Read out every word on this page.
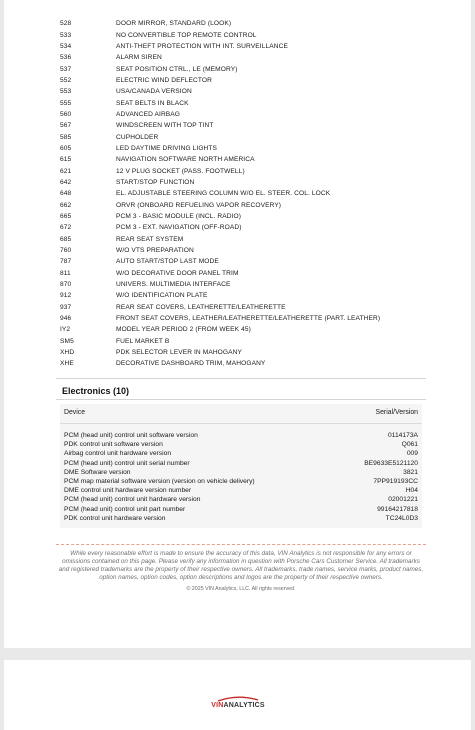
528	DOOR MIRROR, STANDARD (LOOK)
533	NO CONVERTIBLE TOP REMOTE CONTROL
534	ANTI-THEFT PROTECTION WITH INT. SURVEILLANCE
536	ALARM SIREN
537	SEAT POSITION CTRL., LE (MEMORY)
552	ELECTRIC WIND DEFLECTOR
553	USA/CANADA VERSION
555	SEAT BELTS IN BLACK
560	ADVANCED AIRBAG
567	WINDSCREEN WITH TOP TINT
585	CUPHOLDER
605	LED DAYTIME DRIVING LIGHTS
615	NAVIGATION SOFTWARE NORTH AMERICA
621	12 V PLUG SOCKET (PASS. FOOTWELL)
642	START/STOP FUNCTION
648	EL. ADJUSTABLE STEERING COLUMN W/O EL. STEER. COL. LOCK
662	ORVR (ONBOARD REFUELING VAPOR RECOVERY)
665	PCM 3 - BASIC MODULE (INCL. RADIO)
672	PCM 3 - EXT. NAVIGATION (OFF-ROAD)
685	REAR SEAT SYSTEM
760	W/O VTS PREPARATION
787	AUTO START/STOP LAST MODE
811	W/O DECORATIVE DOOR PANEL TRIM
870	UNIVERS. MULTIMEDIA INTERFACE
912	W/O IDENTIFICATION PLATE
937	REAR SEAT COVERS, LEATHERETTE/LEATHERETTE
946	FRONT SEAT COVERS, LEATHER/LEATHERETTE/LEATHERETTE (PART. LEATHER)
IY2	MODEL YEAR PERIOD 2 (FROM WEEK 45)
SM5	FUEL MARKET B
XHD	PDK SELECTOR LEVER IN MAHOGANY
XHE	DECORATIVE DASHBOARD TRIM, MAHOGANY
Electronics (10)
Device	Serial/Version
PCM (head unit) control unit software version	0114173A
PDK control unit software version	Q061
Airbag control unit hardware version	009
PCM (head unit) control unit serial number	BE9633E5121120
DME Software version	3821
PCM map material software version (version on vehicle delivery)	7PP919193CC
DME control unit hardware version number	H04
PCM (head unit) control unit hardware version	02001221
PCM (head unit) control unit part number	99164217818
PDK control unit hardware version	TC24L0D3
While every reasonable effort is made to ensure the accuracy of this data, VIN Analytics is not responsible for any errors or omissions contained on this page. Please verify any information in question with Porsche Cars Customer Service. All trademarks and registered trademarks are the property of their respective owners. All trademarks, trade names, service marks, product names, option names, option codes, option descriptions and logos are the property of their respective owners.
© 2025 VIN Analytics, LLC. All rights reserved.
VINANALYTICS
